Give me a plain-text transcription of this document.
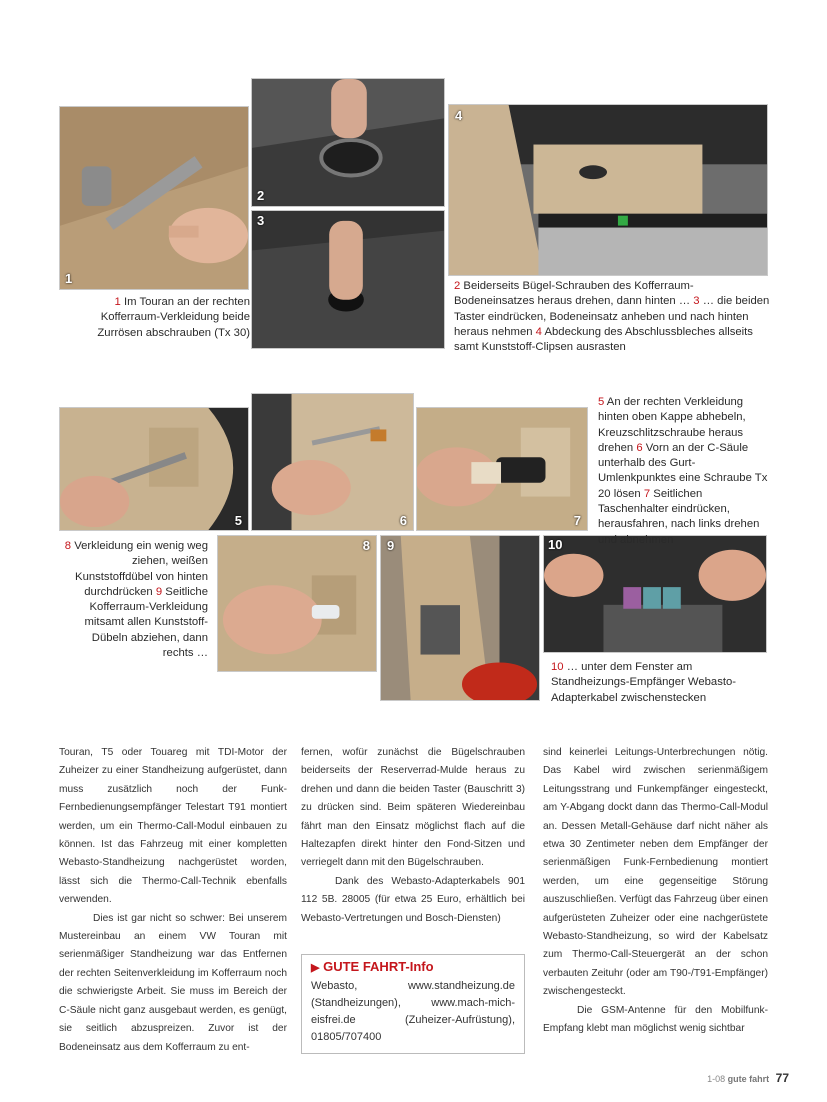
1
2
3
4
5	6	7
8 9	10
1 Im Touran an der rechten Kofferraum-Verkleidung beide Zurrösen abschrauben (Tx 30)
2 Beiderseits Bügel-Schrauben des Kofferraum-Bodeneinsatzes heraus drehen, dann hinten … 3 … die beiden Taster eindrücken, Bodeneinsatz anheben und nach hinten heraus nehmen 4 Abdeckung des Abschlussbleches allseits samt Kunststoff-Clipsen ausrasten
5 An der rechten Verkleidung hinten oben Kappe abhebeln, Kreuzschlitzschraube heraus drehen 6 Vorn an der C-Säule unterhalb des Gurt-Umlenkpunktes eine Schraube Tx 20 lösen 7 Seitlichen Taschenhalter eindrücken, herausfahren, nach links drehen und abnehmen
8 Verkleidung ein wenig weg ziehen, weißen Kunststoffdübel von hinten durchdrücken 9 Seitliche Kofferraum-Verkleidung mitsamt allen Kunststoff-Dübeln abziehen, dann rechts …
10 … unter dem Fenster am Standheizungs-Empfänger Webasto-Adapterkabel zwischenstecken

Touran, T5 oder Touareg mit TDI-Motor der Zuheizer zu einer Standheizung aufgerüstet, dann muss zusätzlich noch der Funk-Fernbedienungsempfänger Telestart T91 montiert werden, um ein Thermo-Call-Modul einbauen zu können. Ist das Fahrzeug mit einer kompletten Webasto-Standheizung nachgerüstet worden, lässt sich die Thermo-Call-Technik ebenfalls verwenden.

Dies ist gar nicht so schwer: Bei unserem Mustereinbau an einem VW Touran mit serienmäßiger Standheizung war das Entfernen der rechten Seitenverkleidung im Kofferraum noch die schwierigste Arbeit. Sie muss im Bereich der C-Säule nicht ganz ausgebaut werden, es genügt, sie seitlich abzuspreizen. Zuvor ist der Bodeneinsatz aus dem Kofferraum zu ent-

fernen, wofür zunächst die Bügelschrauben beiderseits der Reserverrad-Mulde heraus zu drehen und dann die beiden Taster (Bauschritt 3) zu drücken sind. Beim späteren Wiedereinbau fährt man den Einsatz möglichst flach auf die Haltezapfen direkt hinter den Fond-Sitzen und verriegelt dann mit den Bügelschrauben.

Dank des Webasto-Adapterkabels 901 112 5B. 28005 (für etwa 25 Euro, erhältlich bei Webasto-Vertretungen und Bosch-Diensten)

sind keinerlei Leitungs-Unterbrechungen nötig. Das Kabel wird zwischen serienmäßigem Leitungsstrang und Funkempfänger eingesteckt, am Y-Abgang dockt dann das Thermo-Call-Modul an. Dessen Metall-Gehäuse darf nicht näher als etwa 30 Zentimeter neben dem Empfänger der serienmäßigen Funk-Fernbedienung montiert werden, um eine gegenseitige Störung auszuschließen. Verfügt das Fahrzeug über einen aufgerüsteten Zuheizer oder eine nachgerüstete Webasto-Standheizung, so wird der Kabelsatz zum Thermo-Call-Steuergerät an der schon verbauten Zeituhr (oder am T90-/T91-Empfänger) zwischengesteckt.

Die GSM-Antenne für den Mobilfunk-Empfang klebt man möglichst wenig sichtbar

▶ GUTE FAHRT-Info
Webasto, www.standheizung.de (Standheizungen), www.mach-mich-eisfrei.de (Zuheizer-Aufrüstung), 01805/707400
1-08 gute fahrt 77
